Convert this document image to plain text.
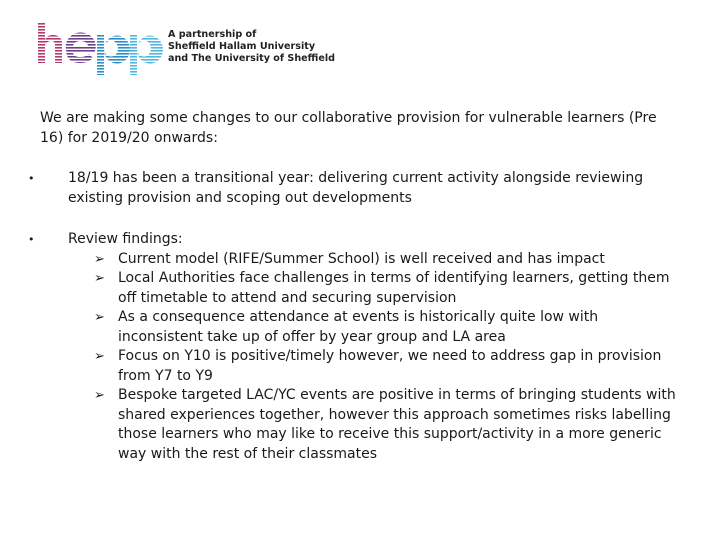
A partnership of
Sheffield Hallam University
and The University of Sheffield

We are making some changes to our collaborative provision for vulnerable learners (Pre 16) for 2019/20 onwards:

• 18/19 has been a transitional year: delivering current activity alongside reviewing existing provision and scoping out developments
• Review findings:
➢ Current model (RIFE/Summer School) is well received and has impact
➢ Local Authorities face challenges in terms of identifying learners, getting them off timetable to attend and securing supervision
➢ As a consequence attendance at events is historically quite low with inconsistent take up of offer by year group and LA area
➢ Focus on Y10 is positive/timely however, we need to address gap in provision from Y7 to Y9
➢ Bespoke targeted LAC/YC events are positive in terms of bringing students with shared experiences together, however this approach sometimes risks labelling those learners who may like to receive this support/activity in a more generic way with the rest of their classmates
